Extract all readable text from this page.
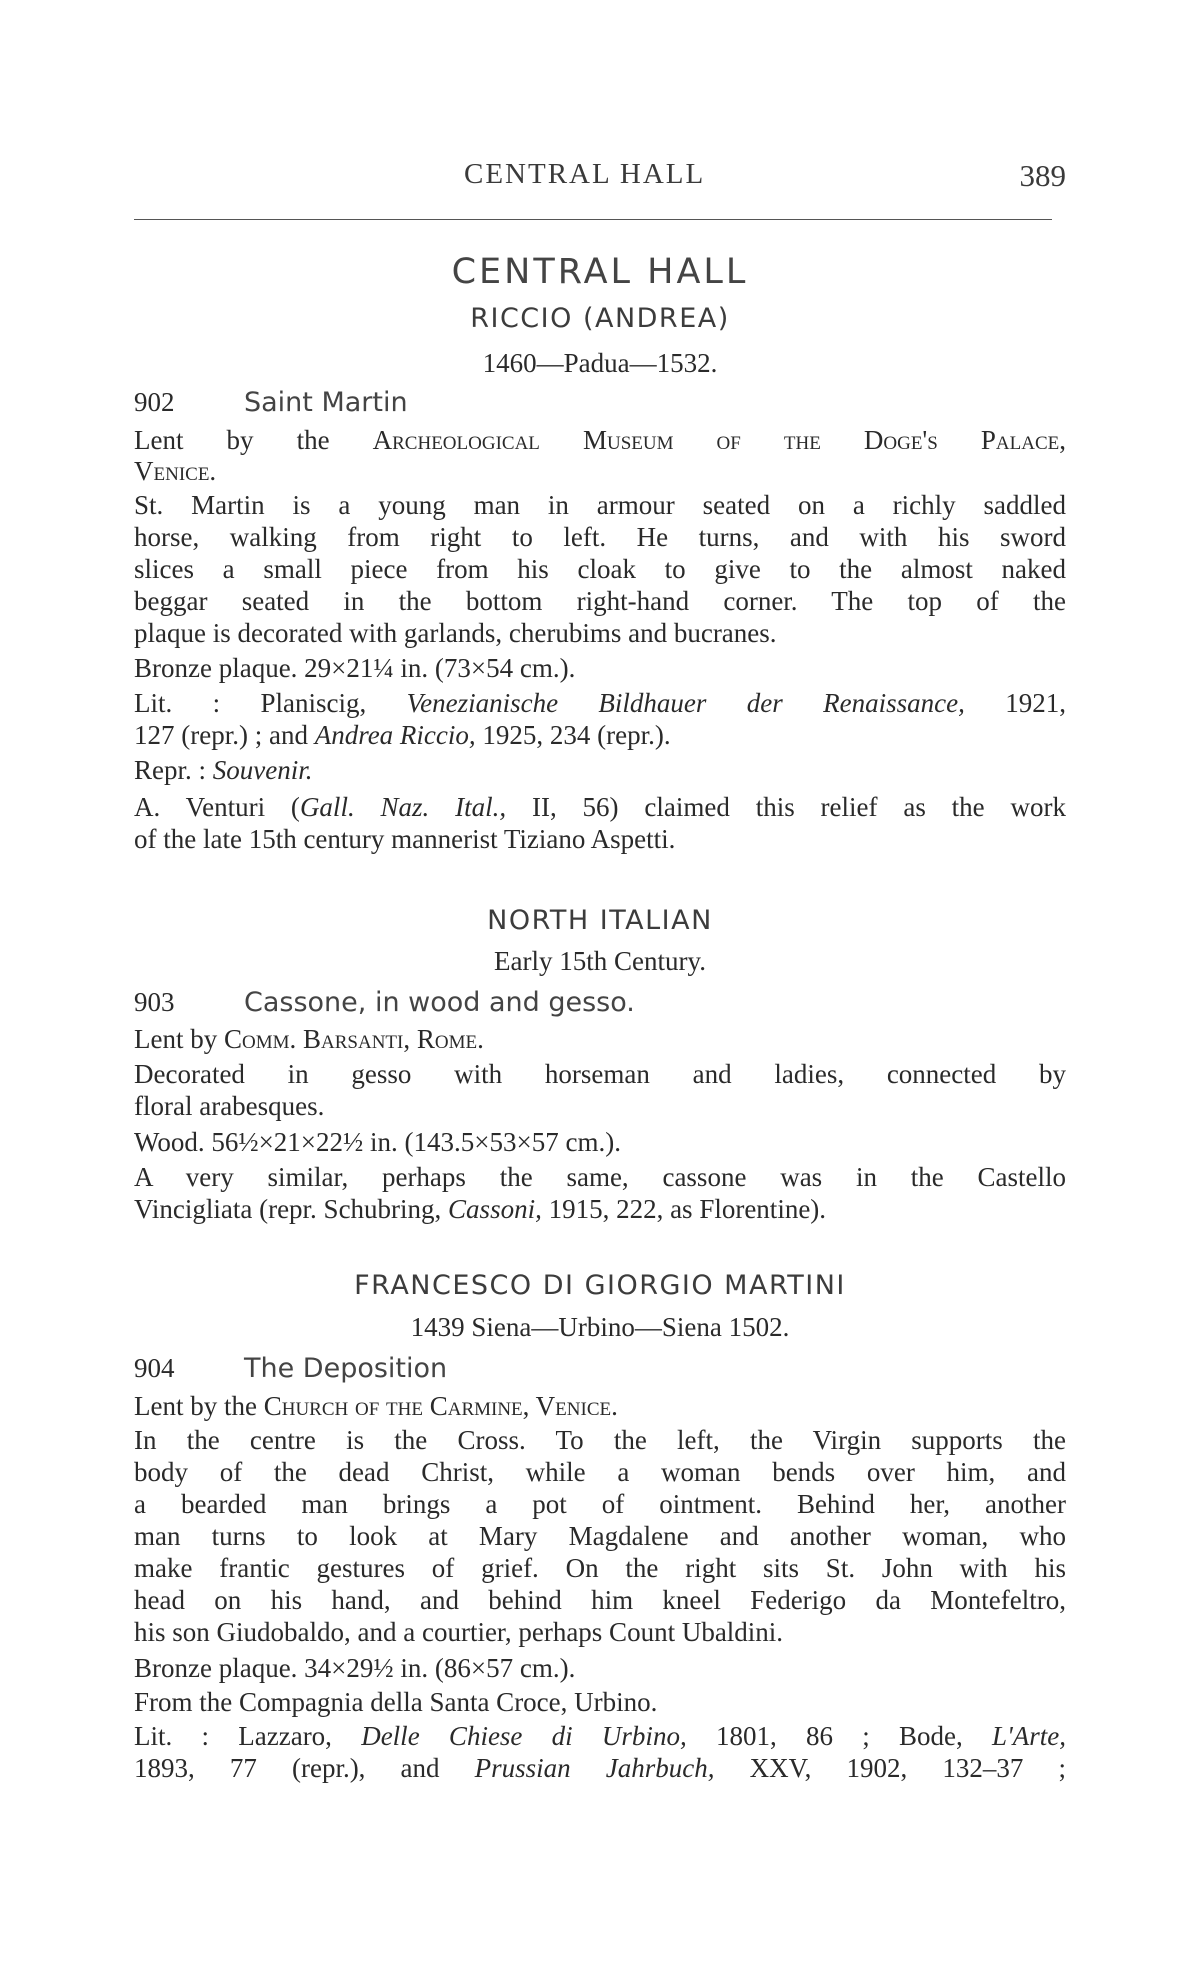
CENTRAL HALL	389
CENTRAL HALL
RICCIO (ANDREA)
1460—Padua—1532.
902	Saint Martin
Lent by the Archeological Museum of the Doge's Palace,
Venice.
St. Martin is a young man in armour seated on a richly saddled
horse, walking from right to left. He turns, and with his sword
slices a small piece from his cloak to give to the almost naked
beggar seated in the bottom right-hand corner. The top of the
plaque is decorated with garlands, cherubims and bucranes.
Bronze plaque. 29×21¼ in. (73×54 cm.).
Lit. : Planiscig, Venezianische Bildhauer der Renaissance, 1921,
127 (repr.) ; and Andrea Riccio, 1925, 234 (repr.).
Repr. : Souvenir.
A. Venturi (Gall. Naz. Ital., II, 56) claimed this relief as the work
of the late 15th century mannerist Tiziano Aspetti.
NORTH ITALIAN
Early 15th Century.
903	Cassone, in wood and gesso.
Lent by Comm. Barsanti, Rome.
Decorated in gesso with horseman and ladies, connected by
floral arabesques.
Wood. 56½×21×22½ in. (143.5×53×57 cm.).
A very similar, perhaps the same, cassone was in the Castello
Vincigliata (repr. Schubring, Cassoni, 1915, 222, as Florentine).
FRANCESCO DI GIORGIO MARTINI
1439 Siena—Urbino—Siena 1502.
904	The Deposition
Lent by the Church of the Carmine, Venice.
In the centre is the Cross. To the left, the Virgin supports the
body of the dead Christ, while a woman bends over him, and
a bearded man brings a pot of ointment. Behind her, another
man turns to look at Mary Magdalene and another woman, who
make frantic gestures of grief. On the right sits St. John with his
head on his hand, and behind him kneel Federigo da Montefeltro,
his son Giudobaldo, and a courtier, perhaps Count Ubaldini.
Bronze plaque. 34×29½ in. (86×57 cm.).
From the Compagnia della Santa Croce, Urbino.
Lit. : Lazzaro, Delle Chiese di Urbino, 1801, 86 ; Bode, L'Arte,
1893, 77 (repr.), and Prussian Jahrbuch, XXV, 1902, 132–37 ;
